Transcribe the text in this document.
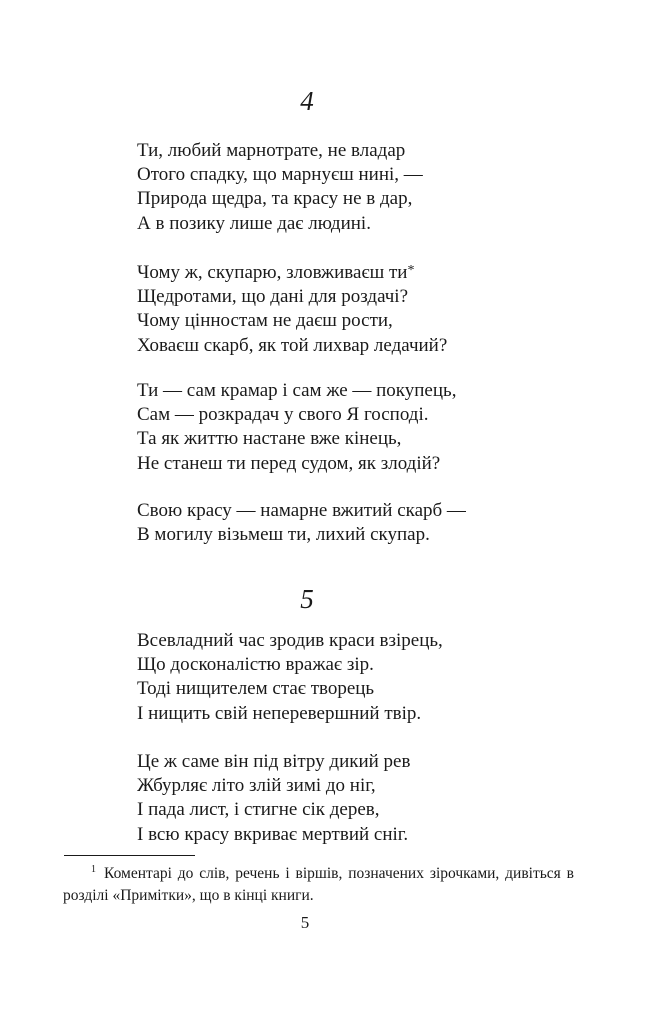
4
Ти, любий марнотрате, не владар
Отого спадку, що марнуєш нині, —
Природа щедра, та красу не в дар,
А в позику лише дає людині.
Чому ж, скупарю, зловживаєш ти*
Щедротами, що дані для роздачі?
Чому цінностам не даєш рости,
Ховаєш скарб, як той лихвар ледачий?
Ти — сам крамар і сам же — покупець,
Сам — розкрадач у свого Я господі.
Та як життю настане вже кінець,
Не станеш ти перед судом, як злодій?
Свою красу — намарне вжитий скарб —
В могилу візьмеш ти, лихий скупар.
5
Всевладний час зродив краси взірець,
Що досконалістю вражає зір.
Тоді нищителем стає творець
І нищить свій неперевершний твір.
Це ж саме він під вітру дикий рев
Жбурляє літо злій зимі до ніг,
І пада лист, і стигне сік дерев,
І всю красу вкриває мертвий сніг.

$^1$ Коментарі до слів, речень і віршів, позначених зірочками, дивіться в розділі «Примітки», що в кінці книги.

5
